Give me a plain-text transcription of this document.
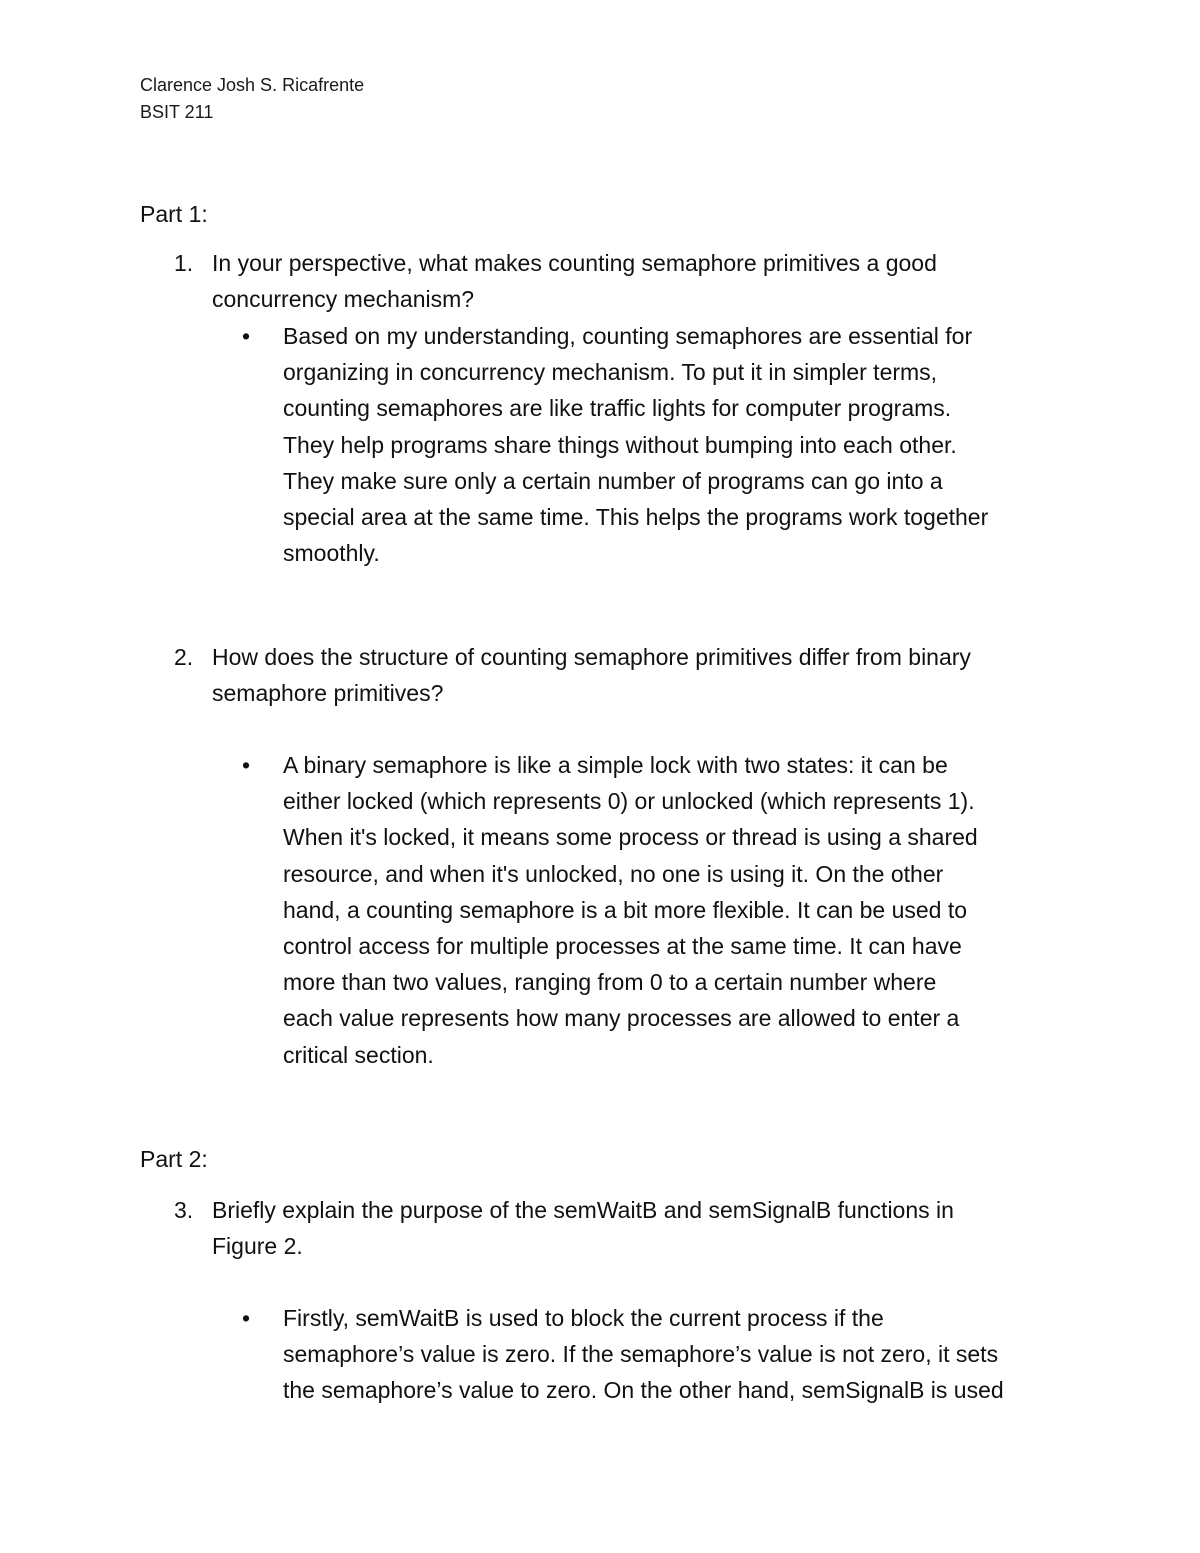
Clarence Josh S. Ricafrente
BSIT 211
Part 1:
1. In your perspective, what makes counting semaphore primitives a good
concurrency mechanism?
•	Based on my understanding, counting semaphores are essential for
organizing in concurrency mechanism. To put it in simpler terms,
counting semaphores are like traffic lights for computer programs.
They help programs share things without bumping into each other.
They make sure only a certain number of programs can go into a
special area at the same time. This helps the programs work together
smoothly.
2. How does the structure of counting semaphore primitives differ from binary
semaphore primitives?
•	A binary semaphore is like a simple lock with two states: it can be
either locked (which represents 0) or unlocked (which represents 1).
When it's locked, it means some process or thread is using a shared
resource, and when it's unlocked, no one is using it. On the other
hand, a counting semaphore is a bit more flexible. It can be used to
control access for multiple processes at the same time. It can have
more than two values, ranging from 0 to a certain number where
each value represents how many processes are allowed to enter a
critical section.
Part 2:
3. Briefly explain the purpose of the semWaitB and semSignalB functions in
Figure 2.
•	Firstly, semWaitB is used to block the current process if the
semaphore’s value is zero. If the semaphore’s value is not zero, it sets
the semaphore’s value to zero. On the other hand, semSignalB is used
